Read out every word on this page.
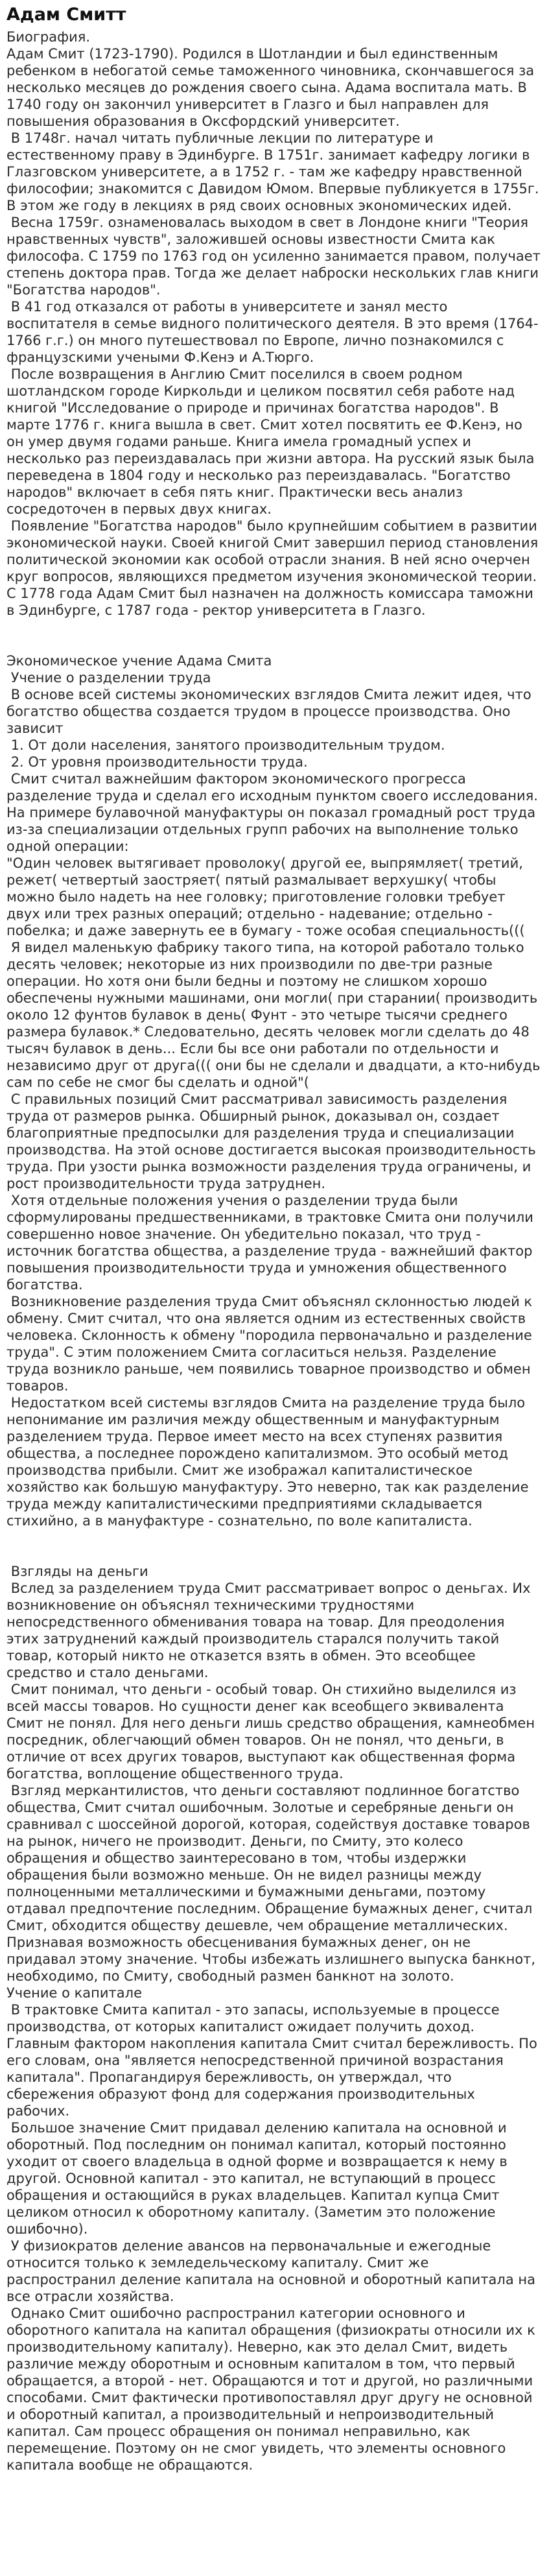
Адам Смитт

Биография.

Адам Смит (1723-1790). Родился в Шотландии и был единственным ребенком в небогатой семье таможенного чиновника, скончавшегося за несколько месяцев до рождения своего сына. Адама воспитала мать. В 1740 году он закончил университет в Глазго и был направлен для повышения образования в Оксфордский университет.

В 1748г. начал читать публичные лекции по литературе и естественному праву в Эдинбурге. В 1751г. занимает кафедру логики в Глазговском университете, а в 1752 г. - там же кафедру нравственной философии; знакомится с Давидом Юмом. Впервые публикуется в 1755г. В этом же году в лекциях в ряд своих основных экономических идей.

Весна 1759г. ознаменовалась выходом в свет в Лондоне книги "Теория нравственных чувств", заложившей основы известности Смита как философа. С 1759 по 1763 год он усиленно занимается правом, получает степень доктора прав. Тогда же делает наброски нескольких глав книги "Богатства народов".

В 41 год отказался от работы в университете и занял место воспитателя в семье видного политического деятеля. В это время (1764-1766 г.г.) он много путешествовал по Европе, лично познакомился с французскими учеными Ф.Кенэ и А.Тюрго.

После возвращения в Англию Смит поселился в своем родном шотландском городе Киркольди и целиком посвятил себя работе над книгой "Исследование о природе и причинах богатства народов". В марте 1776 г. книга вышла в свет. Смит хотел посвятить ее Ф.Кенэ, но он умер двумя годами раньше. Книга имела громадный успех и несколько раз переиздавалась при жизни автора. На русский язык была переведена в 1804 году и несколько раз переиздавалась. "Богатство народов" включает в себя пять книг. Практически весь анализ сосредоточен в первых двух книгах.

Появление "Богатства народов" было крупнейшим событием в развитии экономической науки. Своей книгой Смит завершил период становления политической экономии как особой отрасли знания. В ней ясно очерчен круг вопросов, являющихся предметом изучения экономической теории. С 1778 года Адам Смит был назначен на должность комиссара таможни в Эдинбурге, с 1787 года - ректор университета в Глазго.

Экономическое учение Адама Смита

Учение о разделении труда

В основе всей системы экономических взглядов Смита лежит идея, что богатство общества создается трудом в процессе производства. Оно зависит

1. От доли населения, занятого производительным трудом.

2. От уровня производительности труда.

Смит считал важнейшим фактором экономического прогресса разделение труда и сделал его исходным пунктом своего исследования. На примере булавочной мануфактуры он показал громадный рост труда из-за специализации отдельных групп рабочих на выполнение только одной операции:

"Один человек вытягивает проволоку( другой ее, выпрямляет( третий, режет( четвертый заостряет( пятый размалывает верхушку( чтобы можно было надеть на нее головку; приготовление головки требует двух или трех разных операций; отдельно - надевание; отдельно - побелка; и даже завернуть ее в бумагу - тоже особая специальность(((

Я видел маленькую фабрику такого типа, на которой работало только десять человек; некоторые из них производили по две-три разные операции. Но хотя они были бедны и поэтому не слишком хорошо обеспечены нужными машинами, они могли( при старании( производить около 12 фунтов булавок в день( Фунт - это четыре тысячи среднего размера булавок.* Следовательно, десять человек могли сделать до 48 тысяч булавок в день... Если бы все они работали по отдельности и независимо друг от друга((( они бы не сделали и двадцати, а кто-нибудь сам по себе не смог бы сделать и одной"(

С правильных позиций Смит рассматривал зависимость разделения труда от размеров рынка. Обширный рынок, доказывал он, создает благоприятные предпосылки для разделения труда и специализации производства. На этой основе достигается высокая производительность труда. При узости рынка возможности разделения труда ограничены, и рост производительности труда затруднен.

Хотя отдельные положения учения о разделении труда были сформулированы предшественниками, в трактовке Смита они получили совершенно новое значение. Он убедительно показал, что труд - источник богатства общества, а разделение труда - важнейший фактор повышения производительности труда и умножения общественного богатства.

Возникновение разделения труда Смит объяснял склонностью людей к обмену. Смит считал, что она является одним из естественных свойств человека. Склонность к обмену "породила первоначально и разделение труда". С этим положением Смита согласиться нельзя. Разделение труда возникло раньше, чем появились товарное производство и обмен товаров.

Недостатком всей системы взглядов Смита на разделение труда было непонимание им различия между общественным и мануфактурным разделением труда. Первое имеет место на всех ступенях развития общества, а последнее порождено капитализмом. Это особый метод производства прибыли. Смит же изображал капиталистическое хозяйство как большую мануфактуру. Это неверно, так как разделение труда между капиталистическими предприятиями складывается стихийно, а в мануфактуре - сознательно, по воле капиталиста.

Взгляды на деньги

Вслед за разделением труда Смит рассматривает вопрос о деньгах. Их возникновение он объяснял техническими трудностями непосредственного обменивания товара на товар. Для преодоления этих затруднений каждый производитель старался получить такой товар, который никто не отказется взять в обмен. Это всеобщее средство и стало деньгами.

Смит понимал, что деньги - особый товар. Он стихийно выделился из всей массы товаров. Но сущности денег как всеобщего эквивалента Смит не понял. Для него деньги лишь средство обращения, камнеобмен посредник, облегчающий обмен товаров. Он не понял, что деньги, в отличие от всех других товаров, выступают как общественная форма богатства, воплощение общественного труда.

Взгляд меркантилистов, что деньги составляют подлинное богатство общества, Смит считал ошибочным. Золотые и серебряные деньги он сравнивал с шоссейной дорогой, которая, содействуя доставке товаров на рынок, ничего не производит. Деньги, по Смиту, это колесо обращения и общество заинтересовано в том, чтобы издержки обращения были возможно меньше. Он не видел разницы между полноценными металлическими и бумажными деньгами, поэтому отдавал предпочтение последним. Обращение бумажных денег, считал Смит, обходится обществу дешевле, чем обращение металлических. Признавая возможность обесценивания бумажных денег, он не придавал этому значение. Чтобы избежать излишнего выпуска банкнот, необходимо, по Смиту, свободный размен банкнот на золото.

Учение о капитале

В трактовке Смита капитал - это запасы, используемые в процессе производства, от которых капиталист ожидает получить доход. Главным фактором накопления капитала Смит считал бережливость. По его словам, она "является непосредственной причиной возрастания капитала". Пропагандируя бережливость, он утверждал, что сбережения образуют фонд для содержания производительных рабочих.

Большое значение Смит придавал делению капитала на основной и оборотный. Под последним он понимал капитал, который постоянно уходит от своего владельца в одной форме и возвращается к нему в другой. Основной капитал - это капитал, не вступающий в процесс обращения и остающийся в руках владельцев. Капитал купца Смит целиком относил к оборотному капиталу. (Заметим это положение ошибочно).

У физиократов деление авансов на первоначальные и ежегодные относится только к земледельческому капиталу. Смит же распространил деление капитала на основной и оборотный капитала на все отрасли хозяйства.

Однако Смит ошибочно распространил категории основного и оборотного капитала на капитал обращения (физиократы относили их к производительному капиталу). Неверно, как это делал Смит, видеть различие между оборотным и основным капиталом в том, что первый обращается, а второй - нет. Обращаются и тот и другой, но различными способами. Смит фактически противопоставлял друг другу не основной и оборотный капитал, а производительный и непроизводительный капитал. Сам процесс обращения он понимал неправильно, как перемещение. Поэтому он не смог увидеть, что элементы основного капитала вообще не обращаются.
